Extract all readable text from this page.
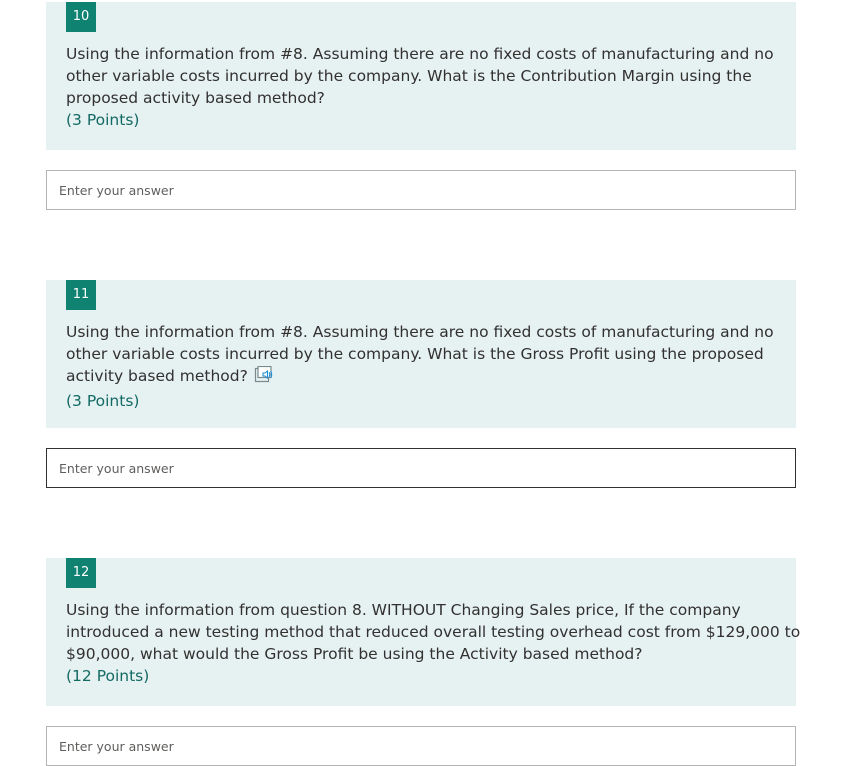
10
Using the information from #8. Assuming there are no fixed costs of manufacturing and no
other variable costs incurred by the company. What is the Contribution Margin using the
proposed activity based method?
(3 Points)
Enter your answer
11
Using the information from #8. Assuming there are no fixed costs of manufacturing and no
other variable costs incurred by the company. What is the Gross Profit using the proposed
activity based method?
(3 Points)
Enter your answer
12
Using the information from question 8. WITHOUT Changing Sales price, If the company
introduced a new testing method that reduced overall testing overhead cost from $129,000 to
$90,000, what would the Gross Profit be using the Activity based method?
(12 Points)
Enter your answer
